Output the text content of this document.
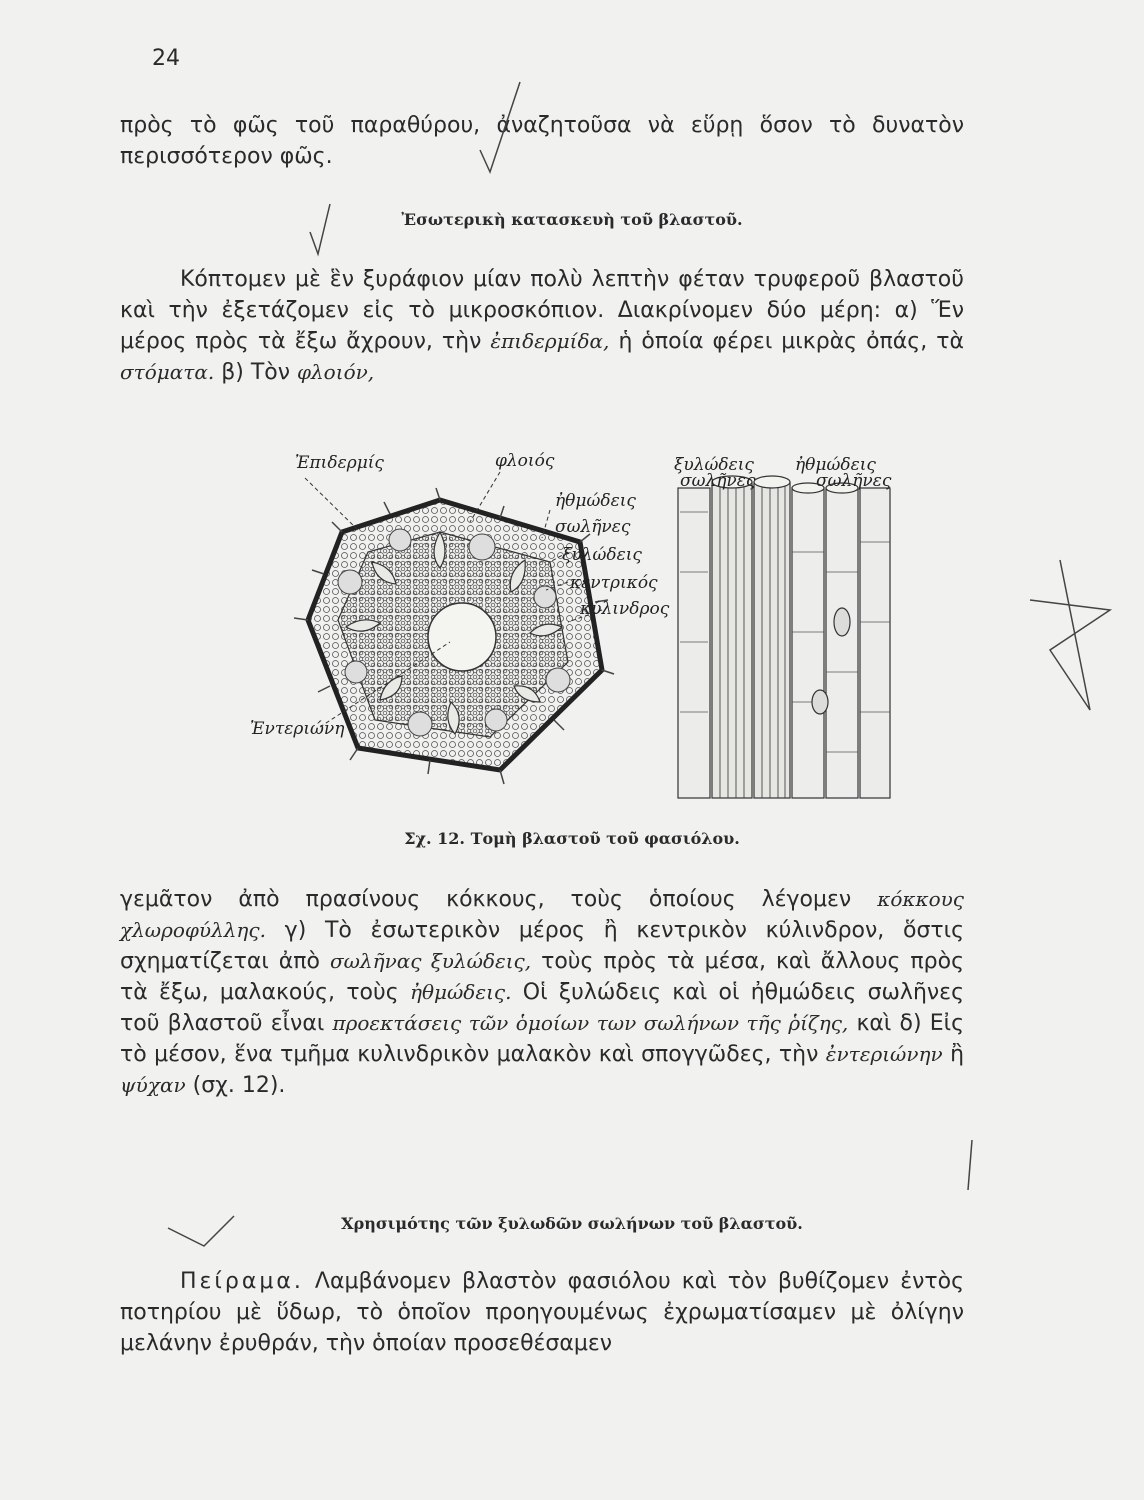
24

πρὸς τὸ φῶς τοῦ παραθύρου, ἀναζητοῦσα νὰ εὕρῃ ὅσον τὸ δυνατὸν περισσότερον φῶς.

Ἐσωτερικὴ κατασκευὴ τοῦ βλαστοῦ.

Κόπτομεν μὲ ἓν ξυράφιον μίαν πολὺ λεπτὴν φέταν τρυφεροῦ βλαστοῦ καὶ τὴν ἐξετάζομεν εἰς τὸ μικροσκόπιον. Διακρίνομεν δύο μέρη: α) Ἕν μέρος πρὸς τὰ ἔξω ἄχρουν, τὴν ἐπιδερμίδα, ἡ ὁποία φέρει μικρὰς ὀπάς, τὰ στόματα. β) Τὸν φλοιόν,

Ἐπιδερμίς	φλοιός
ἠθμώδεις
σωλῆνες
ξυλώδεις
κεντρικός
κύλινδρος
Ἐντεριώνη
ξυλώδεις
σωλῆνες
ἠθμώδεις
σωλῆνες
Σχ. 12. Τομὴ βλαστοῦ τοῦ φασιόλου.

γεμᾶτον ἀπὸ πρασίνους κόκκους, τοὺς ὁποίους λέγομεν κόκκους χλωροφύλλης. γ) Τὸ ἐσωτερικὸν μέρος ἢ κεντρικὸν κύλινδρον, ὅστις σχηματίζεται ἀπὸ σωλῆνας ξυλώδεις, τοὺς πρὸς τὰ μέσα, καὶ ἄλλους πρὸς τὰ ἔξω, μαλακούς, τοὺς ἠθμώδεις. Οἱ ξυλώδεις καὶ οἱ ἠθμώδεις σωλῆνες τοῦ βλαστοῦ εἶναι προεκτάσεις τῶν ὁμοίων των σωλήνων τῆς ῥίζης, καὶ δ) Εἰς τὸ μέσον, ἕνα τμῆμα κυλινδρικὸν μαλακὸν καὶ σπογγῶδες, τὴν ἐντεριώνην ἢ ψύχαν (σχ. 12).

Χρησιμότης τῶν ξυλωδῶν σωλήνων τοῦ βλαστοῦ.

Πείραμα. Λαμβάνομεν βλαστὸν φασιόλου καὶ τὸν βυθίζομεν ἐντὸς ποτηρίου μὲ ὕδωρ, τὸ ὁποῖον προηγουμένως ἐχρωματίσαμεν μὲ ὀλίγην μελάνην ἐρυθράν, τὴν ὁποίαν προσεθέσαμεν
